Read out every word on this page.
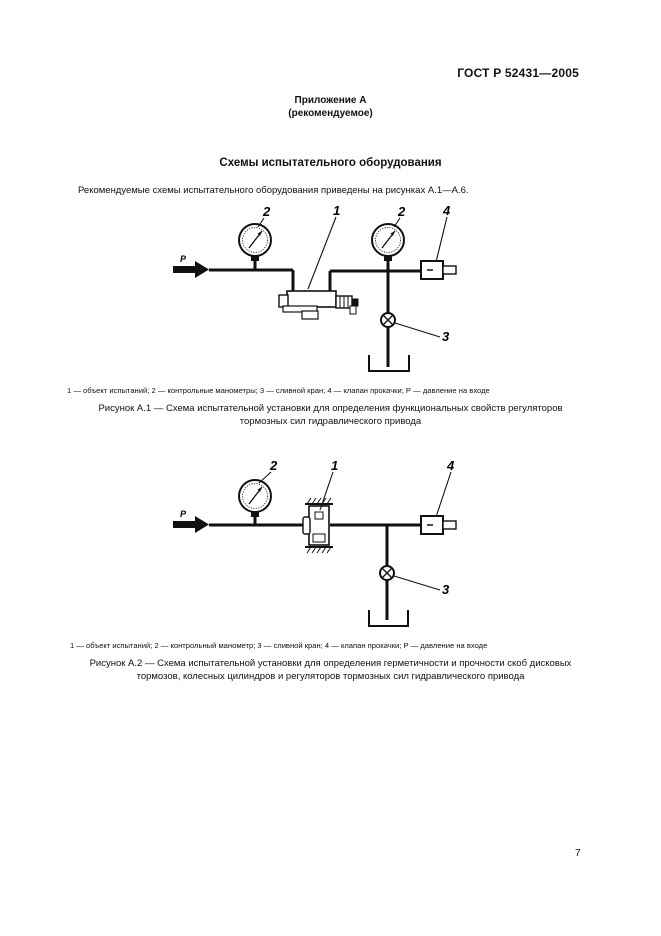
ГОСТ Р 52431—2005
Приложение А
(рекомендуемое)
Схемы испытательного оборудования
Рекомендуемые схемы испытательного оборудования приведены на рисунках А.1—А.6.
Р
2	1	2	4
3
1 — объект испытаний; 2 — контрольные манометры; 3 — сливной кран; 4 — клапан прокачки; Р — давление на входе
Рисунок А.1 — Схема испытательной установки для определения функциональных свойств регуляторов
тормозных сил гидравлического привода
Р
2	1	4
3
1 — объект испытаний; 2 — контрольный манометр; 3 — сливной кран; 4 — клапан прокачки; Р — давление на входе
Рисунок А.2 — Схема испытательной установки для определения герметичности и прочности скоб дисковых
тормозов, колесных цилиндров и регуляторов тормозных сил гидравлического привода
7
